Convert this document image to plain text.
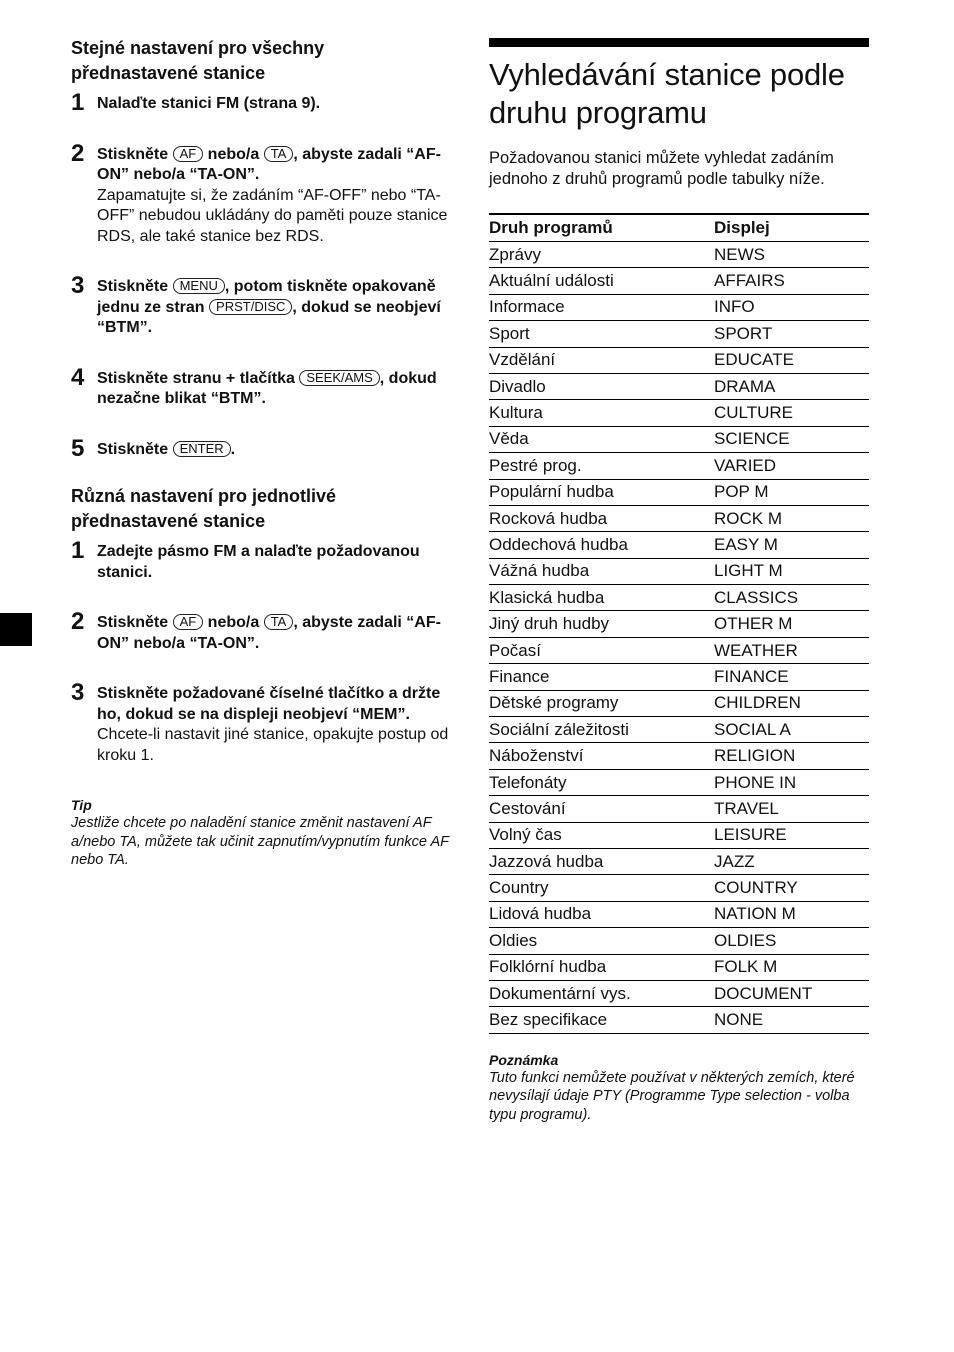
Stejné nastavení pro všechny přednastavené stanice

1 Nalaďte stanici FM (strana 9).
2 Stiskněte AF nebo/a TA , abyste zadali “AF-ON” nebo/a “TA-ON”.
Zapamatujte si, že zadáním “AF-OFF” nebo “TA-OFF” nebudou ukládány do paměti pouze stanice RDS, ale také stanice bez RDS.
3 Stiskněte MENU , potom tiskněte opakovaně jednu ze stran PRST/DISC , dokud se neobjeví “BTM”.
4 Stiskněte stranu + tlačítka SEEK/AMS , dokud nezačne blikat “BTM”.
5 Stiskněte ENTER .

Různá nastavení pro jednotlivé přednastavené stanice

1 Zadejte pásmo FM a nalaďte požadovanou stanici.
2 Stiskněte AF nebo/a TA , abyste zadali “AF-ON” nebo/a “TA-ON”.
3 Stiskněte požadované číselné tlačítko a držte ho, dokud se na displeji neobjeví “MEM”.
Chcete-li nastavit jiné stanice, opakujte postup od kroku 1.
Tip
Jestliže chcete po naladění stanice změnit nastavení AF a/nebo TA, můžete tak učinit zapnutím/vypnutím funkce AF nebo TA.
Vyhledávání stanice podle druhu programu
Požadovanou stanici můžete vyhledat zadáním jednoho z druhů programů podle tabulky níže.
Druh programů	Displej
Zprávy	NEWS
Aktuální události	AFFAIRS
Informace	INFO
Sport	SPORT
Vzdělání	EDUCATE
Divadlo	DRAMA
Kultura	CULTURE
Věda	SCIENCE
Pestré prog.	VARIED
Populární hudba	POP M
Rocková hudba	ROCK M
Oddechová hudba	EASY M
Vážná hudba	LIGHT M
Klasická hudba	CLASSICS
Jiný druh hudby	OTHER M
Počasí	WEATHER
Finance	FINANCE
Dětské programy	CHILDREN
Sociální záležitosti	SOCIAL A
Náboženství	RELIGION
Telefonáty	PHONE IN
Cestování	TRAVEL
Volný čas	LEISURE
Jazzová hudba	JAZZ
Country	COUNTRY
Lidová hudba	NATION M
Oldies	OLDIES
Folklórní hudba	FOLK M
Dokumentární vys.	DOCUMENT
Bez specifikace	NONE
Poznámka
Tuto funkci nemůžete používat v některých zemích, které nevysílají údaje PTY (Programme Type selection - volba typu programu).
